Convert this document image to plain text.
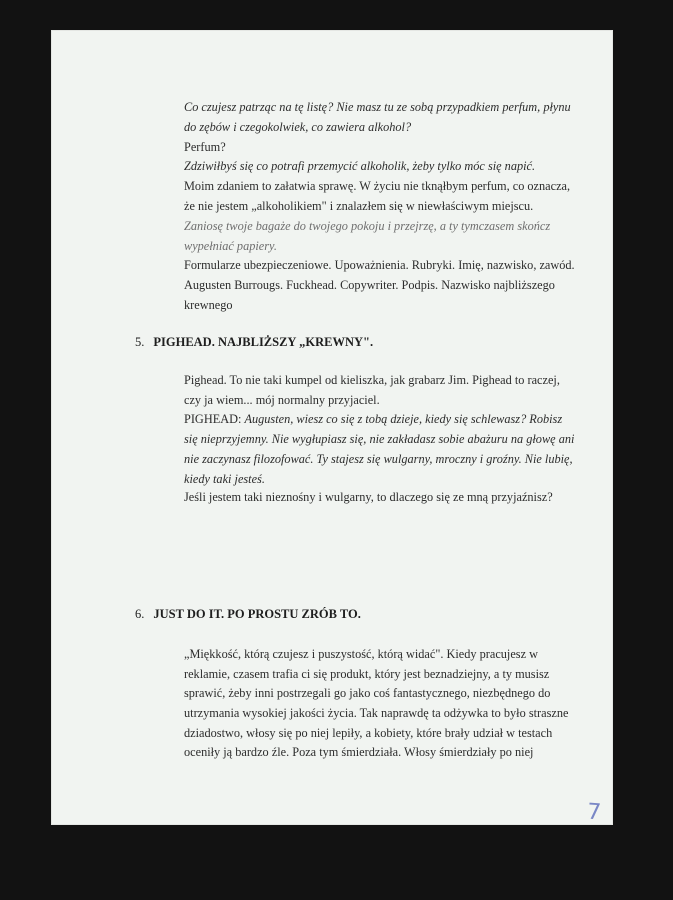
Co czujesz patrząc na tę listę? Nie masz tu ze sobą przypadkiem perfum, płynu
do zębów i czegokolwiek, co zawiera alkohol?
Perfum?
Zdziwiłbyś się co potrafi przemycić alkoholik, żeby tylko móc się napić.
Moim zdaniem to załatwia sprawę. W życiu nie tknąłbym perfum, co oznacza,
że nie jestem „alkoholikiem" i znalazłem się w niewłaściwym miejscu.
Zaniosę twoje bagaże do twojego pokoju i przejrzę, a ty tymczasem skończ
wypełniać papiery.
Formularze ubezpieczeniowe. Upoważnienia. Rubryki. Imię, nazwisko, zawód.
Augusten Burrougs. Fuckhead. Copywriter. Podpis. Nazwisko najbliższego
krewnego
5. PIGHEAD. NAJBLIŻSZY „KREWNY".
Pighead. To nie taki kumpel od kieliszka, jak grabarz Jim. Pighead to raczej,
czy ja wiem... mój normalny przyjaciel.
PIGHEAD: Augusten, wiesz co się z tobą dzieje, kiedy się schlewasz? Robisz
się nieprzyjemny. Nie wygłupiasz się, nie zakładasz sobie abażuru na głowę ani
nie zaczynasz filozofować. Ty stajesz się wulgarny, mroczny i groźny. Nie lubię,
kiedy taki jesteś.
Jeśli jestem taki nieznośny i wulgarny, to dlaczego się ze mną przyjaźnisz?
6. JUST DO IT. PO PROSTU ZRÓB TO.
„Miękkość, którą czujesz i puszystość, którą widać". Kiedy pracujesz w
reklamie, czasem trafia ci się produkt, który jest beznadziejny, a ty musisz
sprawić, żeby inni postrzegali go jako coś fantastycznego, niezbędnego do
utrzymania wysokiej jakości życia. Tak naprawdę ta odżywka to było straszne
dziadostwo, włosy się po niej lepiły, a kobiety, które brały udział w testach
oceniły ją bardzo źle. Poza tym śmierdziała. Włosy śmierdziały po niej
7
